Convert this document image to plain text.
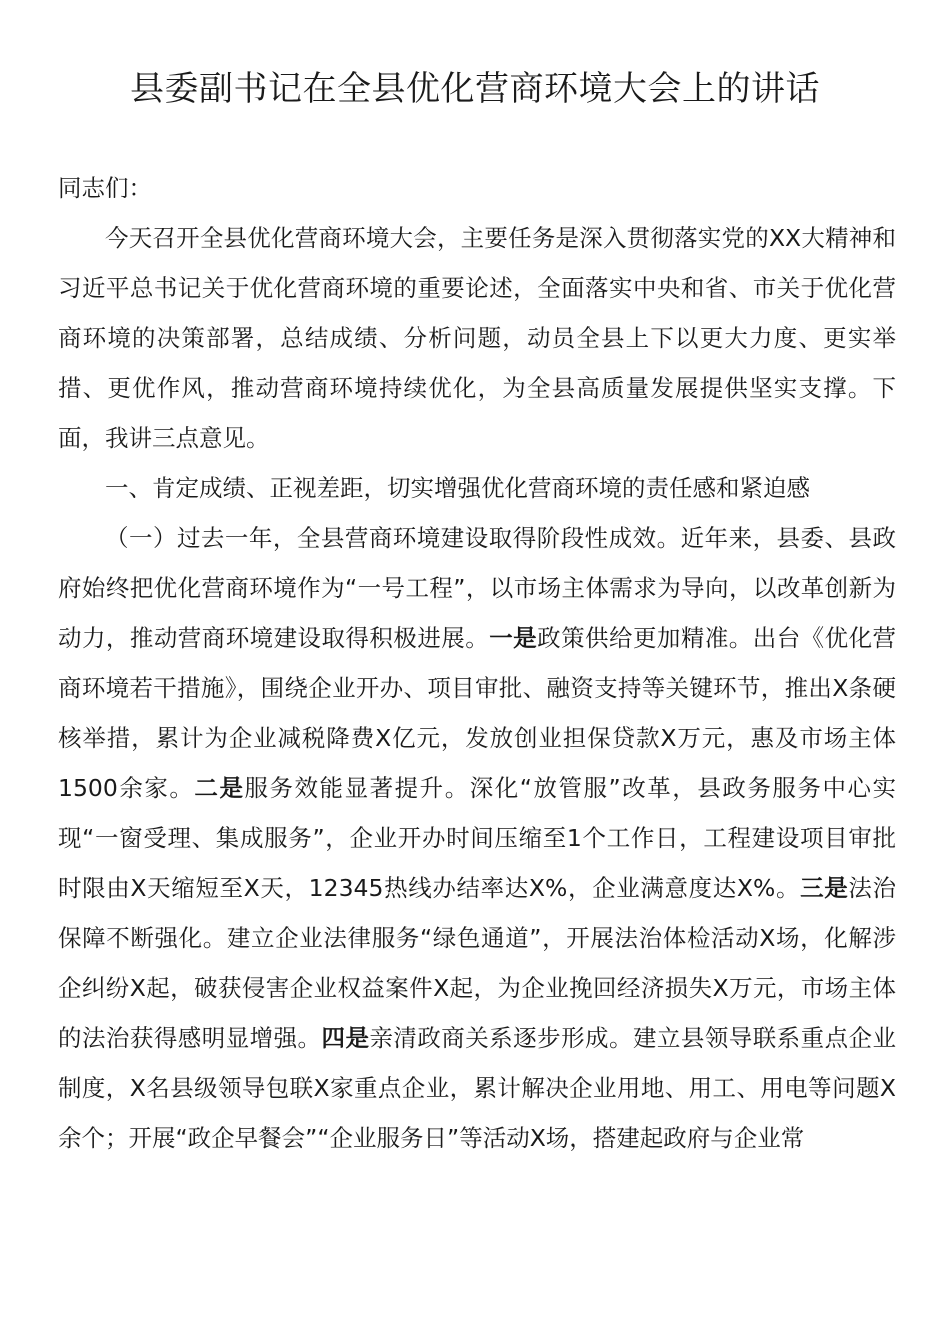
县委副书记在全县优化营商环境大会上的讲话

同志们：

今天召开全县优化营商环境大会，主要任务是深入贯彻落实党的XX大精神和习近平总书记关于优化营商环境的重要论述，全面落实中央和省、市关于优化营商环境的决策部署，总结成绩、分析问题，动员全县上下以更大力度、更实举措、更优作风，推动营商环境持续优化，为全县高质量发展提供坚实支撑。下面，我讲三点意见。

一、肯定成绩、正视差距，切实增强优化营商环境的责任感和紧迫感

（一）过去一年，全县营商环境建设取得阶段性成效。近年来，县委、县政府始终把优化营商环境作为“一号工程”，以市场主体需求为导向，以改革创新为动力，推动营商环境建设取得积极进展。一是政策供给更加精准。出台《优化营商环境若干措施》，围绕企业开办、项目审批、融资支持等关键环节，推出X条硬核举措，累计为企业减税降费X亿元，发放创业担保贷款X万元，惠及市场主体1500余家。二是服务效能显著提升。深化“放管服”改革，县政务服务中心实现“一窗受理、集成服务”，企业开办时间压缩至1个工作日，工程建设项目审批时限由X天缩短至X天，12345热线办结率达X%，企业满意度达X%。三是法治保障不断强化。建立企业法律服务“绿色通道”，开展法治体检活动X场，化解涉企纠纷X起，破获侵害企业权益案件X起，为企业挽回经济损失X万元，市场主体的法治获得感明显增强。四是亲清政商关系逐步形成。建立县领导联系重点企业制度，X名县级领导包联X家重点企业，累计解决企业用地、用工、用电等问题X余个；开展“政企早餐会”“企业服务日”等活动X场，搭建起政府与企业常
